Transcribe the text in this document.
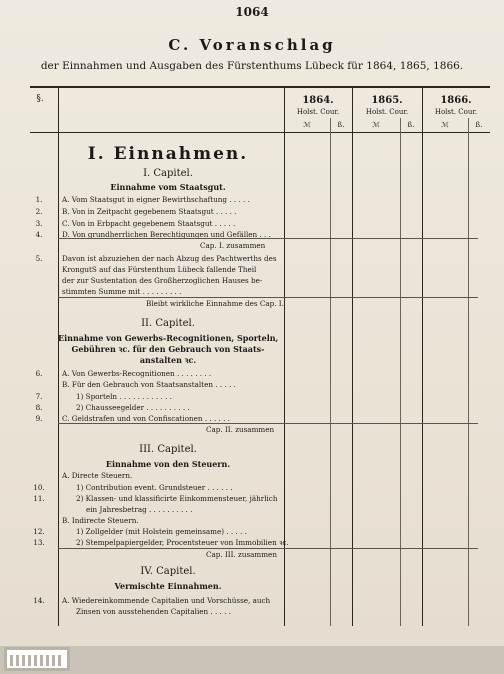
1064
C. Voranschlag
der Einnahmen und Ausgaben des Fürstenthums Lübeck für 1864, 1865, 1866.
§.	1864.
Holst. Cour.
ℳ	ß.
1865.
Holst. Cour.
ℳ	ß.
1866.
Holst. Cour.
ℳ	ß.
I. Einnahmen.
I. Capitel.
Einnahme vom Staatsgut.
1.	A. Vom Staatsgut in eigner Bewirthschaftung . . . . .
2.	B. Von in Zeitpacht gegebenem Staatsgut . . . . .
3.	C. Von in Erbpacht gegebenem Staatsgut . . . . .
4.	D. Von grundherrlichen Berechtigungen und Gefällen . . .
Cap. I. zusammen
5.	Davon ist abzuziehen der nach Abzug des Pachtwerths des
KrongutS auf das Fürstenthum Lübeck fallende Theil
der zur Sustentation des Großherzoglichen Hauses be-
stimmten Summe mit . . . . . . . . .
Bleibt wirkliche Einnahme des Cap. I.
II. Capitel.
Einnahme von Gewerbs-Recognitionen, Sporteln,
Gebühren ꝛc. für den Gebrauch von Staats-
anstalten ꝛc.
6.	A. Von Gewerbs-Recognitionen . . . . . . . .
B. Für den Gebrauch von Staatsanstalten . . . . .
7.	1) Sporteln . . . . . . . . . . . .
8.	2) Chausseegelder . . . . . . . . . .
9.	C. Geldstrafen und von Confiscationen . . . . . .
Cap. II. zusammen
III. Capitel.
Einnahme von den Steuern.
A. Directe Steuern.
10.	1) Contribution event. Grundsteuer . . . . . .
11.	2) Klassen- und klassificirte Einkommensteuer, jährlich
ein Jahresbetrag . . . . . . . . . .
B. Indirecte Steuern.
12.	1) Zollgelder (mit Holstein gemeinsame) . . . . .
13.	2) Stempelpapiergelder, Procentsteuer von Immobilien ꝛc.
Cap. III. zusammen
IV. Capitel.
Vermischte Einnahmen.
14.	A. Wiedereinkommende Capitalien und Vorschüsse, auch
Zinsen von ausstehenden Capitalien . . . . .
